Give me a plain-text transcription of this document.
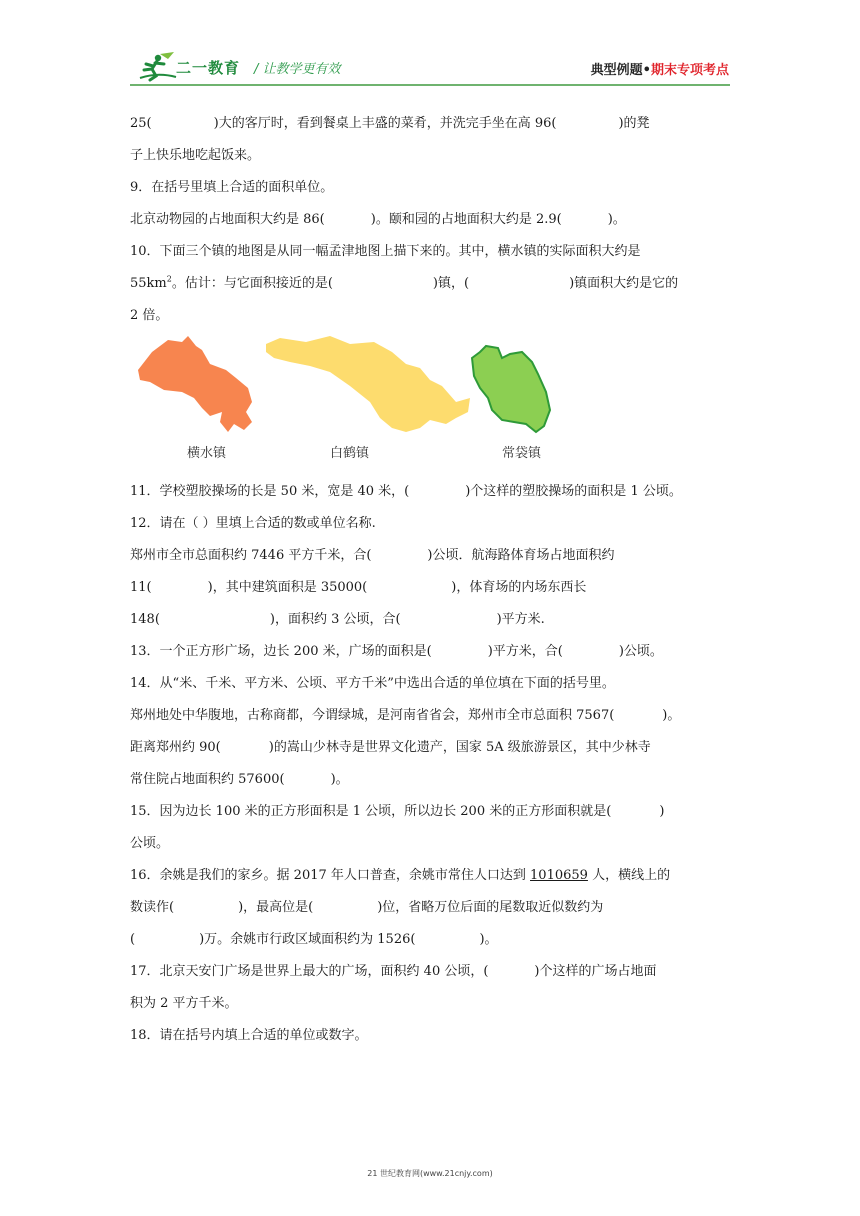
二一教育 / 让教学更有效	典型例题•期末专项考点
25(	)大的客厅时，看到餐桌上丰盛的菜肴，并洗完手坐在高 96(	)的凳
子上快乐地吃起饭来。
9．在括号里填上合适的面积单位。
北京动物园的占地面积大约是 86(	)。颐和园的占地面积大约是 2.9(	)。
10．下面三个镇的地图是从同一幅孟津地图上描下来的。其中，横水镇的实际面积大约是
$55km^2$。估计：与它面积接近的是(	)镇，(	)镇面积大约是它的
2 倍。
横水镇	白鹤镇	常袋镇
11．学校塑胶操场的长是 50 米，宽是 40 米，(	)个这样的塑胶操场的面积是 1 公顷。
12．请在（ ）里填上合适的数或单位名称.
郑州市全市总面积约 7446 平方千米，合(	)公顷．航海路体育场占地面积约
11(	)，其中建筑面积是 35000(	)，体育场的内场东西长
148(	)，面积约 3 公顷，合(	)平方米.
13．一个正方形广场，边长 200 米，广场的面积是(	)平方米，合(	)公顷。
14．从“米、千米、平方米、公顷、平方千米”中选出合适的单位填在下面的括号里。
郑州地处中华腹地，古称商都，今谓绿城，是河南省省会，郑州市全市总面积 7567(	)。
距离郑州约 90(	)的嵩山少林寺是世界文化遗产，国家 5A 级旅游景区，其中少林寺
常住院占地面积约 57600(	)。
15．因为边长 100 米的正方形面积是 1 公顷，所以边长 200 米的正方形面积就是(	)
公顷。
16．余姚是我们的家乡。据 2017 年人口普查，余姚市常住人口达到 1010659 人，横线上的
数读作(	)，最高位是(	)位，省略万位后面的尾数取近似数约为
(	)万。余姚市行政区域面积约为 1526(	)。
17．北京天安门广场是世界上最大的广场，面积约 40 公顷，(	)个这样的广场占地面
积为 2 平方千米。
18．请在括号内填上合适的单位或数字。
21 世纪教育网(www.21cnjy.com)
